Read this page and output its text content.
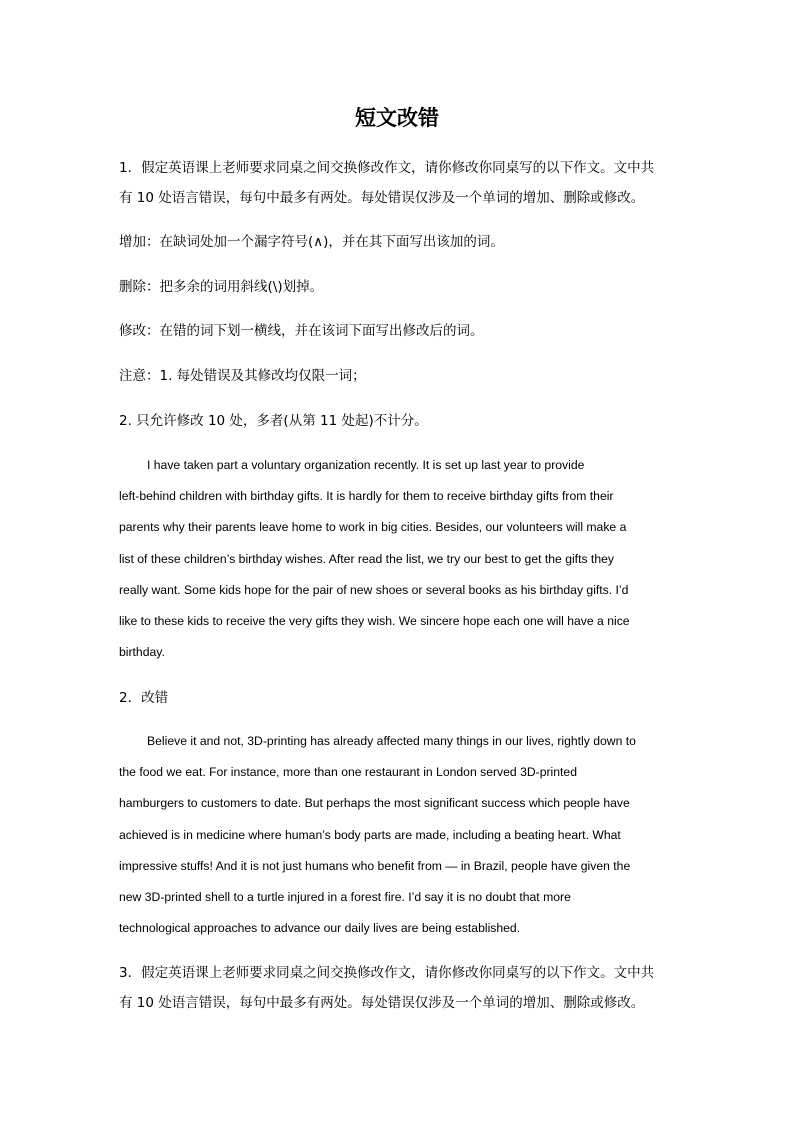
短文改错

1．假定英语课上老师要求同桌之间交换修改作文，请你修改你同桌写的以下作文。文中共

有 10 处语言错误，每句中最多有两处。每处错误仅涉及一个单词的增加、删除或修改。

增加：在缺词处加一个漏字符号(∧)，并在其下面写出该加的词。

删除：把多余的词用斜线(\)划掉。

修改：在错的词下划一横线，并在该词下面写出修改后的词。

注意：1. 每处错误及其修改均仅限一词；

2. 只允许修改 10 处，多者(从第 11 处起)不计分。

I have taken part a voluntary organization recently. It is set up last year to provide

left-behind children with birthday gifts. It is hardly for them to receive birthday gifts from their

parents why their parents leave home to work in big cities. Besides, our volunteers will make a

list of these children’s birthday wishes. After read the list, we try our best to get the gifts they

really want. Some kids hope for the pair of new shoes or several books as his birthday gifts. I’d

like to these kids to receive the very gifts they wish. We sincere hope each one will have a nice

birthday.

2．改错

Believe it and not, 3D-printing has already affected many things in our lives, rightly down to

the food we eat. For instance, more than one restaurant in London served 3D-printed

hamburgers to customers to date. But perhaps the most significant success which people have

achieved is in medicine where human’s body parts are made, including a beating heart. What

impressive stuffs! And it is not just humans who benefit from — in Brazil, people have given the

new 3D-printed shell to a turtle injured in a forest fire. I’d say it is no doubt that more

technological approaches to advance our daily lives are being established.

3．假定英语课上老师要求同桌之间交换修改作文，请你修改你同桌写的以下作文。文中共

有 10 处语言错误，每句中最多有两处。每处错误仅涉及一个单词的增加、删除或修改。
